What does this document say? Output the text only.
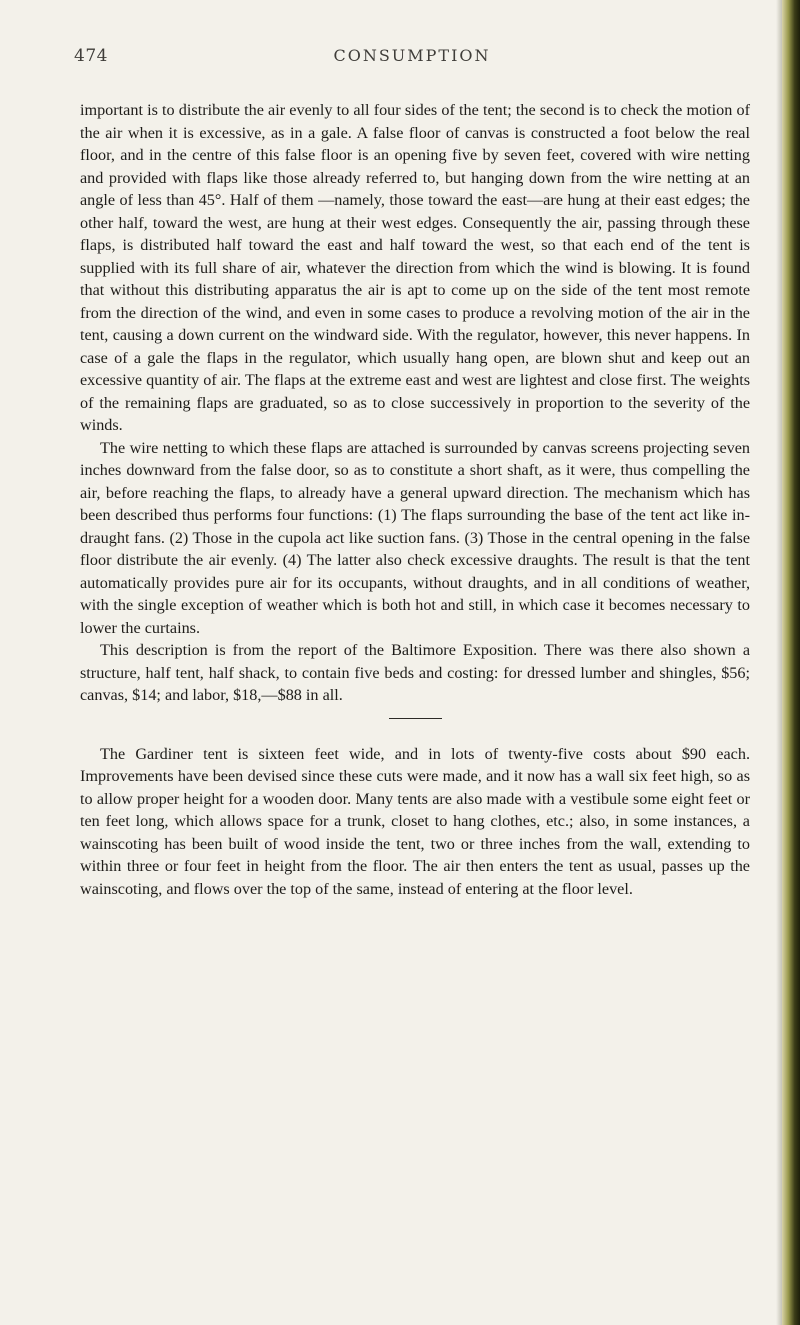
474	CONSUMPTION

important is to distribute the air evenly to all four sides of the tent; the second is to check the motion of the air when it is excessive, as in a gale. A false floor of canvas is constructed a foot below the real floor, and in the centre of this false floor is an opening five by seven feet, covered with wire netting and provided with flaps like those already referred to, but hanging down from the wire netting at an angle of less than 45°. Half of them —namely, those toward the east—are hung at their east edges; the other half, toward the west, are hung at their west edges. Consequently the air, passing through these flaps, is distributed half toward the east and half toward the west, so that each end of the tent is supplied with its full share of air, whatever the direction from which the wind is blowing. It is found that without this distributing apparatus the air is apt to come up on the side of the tent most remote from the direction of the wind, and even in some cases to produce a revolving motion of the air in the tent, causing a down current on the windward side. With the regulator, however, this never happens. In case of a gale the flaps in the regulator, which usually hang open, are blown shut and keep out an excessive quantity of air. The flaps at the extreme east and west are lightest and close first. The weights of the remaining flaps are graduated, so as to close successively in proportion to the severity of the winds.

The wire netting to which these flaps are attached is surrounded by canvas screens projecting seven inches downward from the false door, so as to constitute a short shaft, as it were, thus compelling the air, before reaching the flaps, to already have a general upward direction. The mechanism which has been described thus performs four functions: (1) The flaps surrounding the base of the tent act like in-draught fans. (2) Those in the cupola act like suction fans. (3) Those in the central opening in the false floor distribute the air evenly. (4) The latter also check excessive draughts. The result is that the tent automatically provides pure air for its occupants, without draughts, and in all conditions of weather, with the single exception of weather which is both hot and still, in which case it becomes necessary to lower the curtains.

This description is from the report of the Baltimore Exposition. There was there also shown a structure, half tent, half shack, to contain five beds and costing: for dressed lumber and shingles, $56; canvas, $14; and labor, $18,—$88 in all.

The Gardiner tent is sixteen feet wide, and in lots of twenty-five costs about $90 each. Improvements have been devised since these cuts were made, and it now has a wall six feet high, so as to allow proper height for a wooden door. Many tents are also made with a vestibule some eight feet or ten feet long, which allows space for a trunk, closet to hang clothes, etc.; also, in some instances, a wainscoting has been built of wood inside the tent, two or three inches from the wall, extending to within three or four feet in height from the floor. The air then enters the tent as usual, passes up the wainscoting, and flows over the top of the same, instead of entering at the floor level.
